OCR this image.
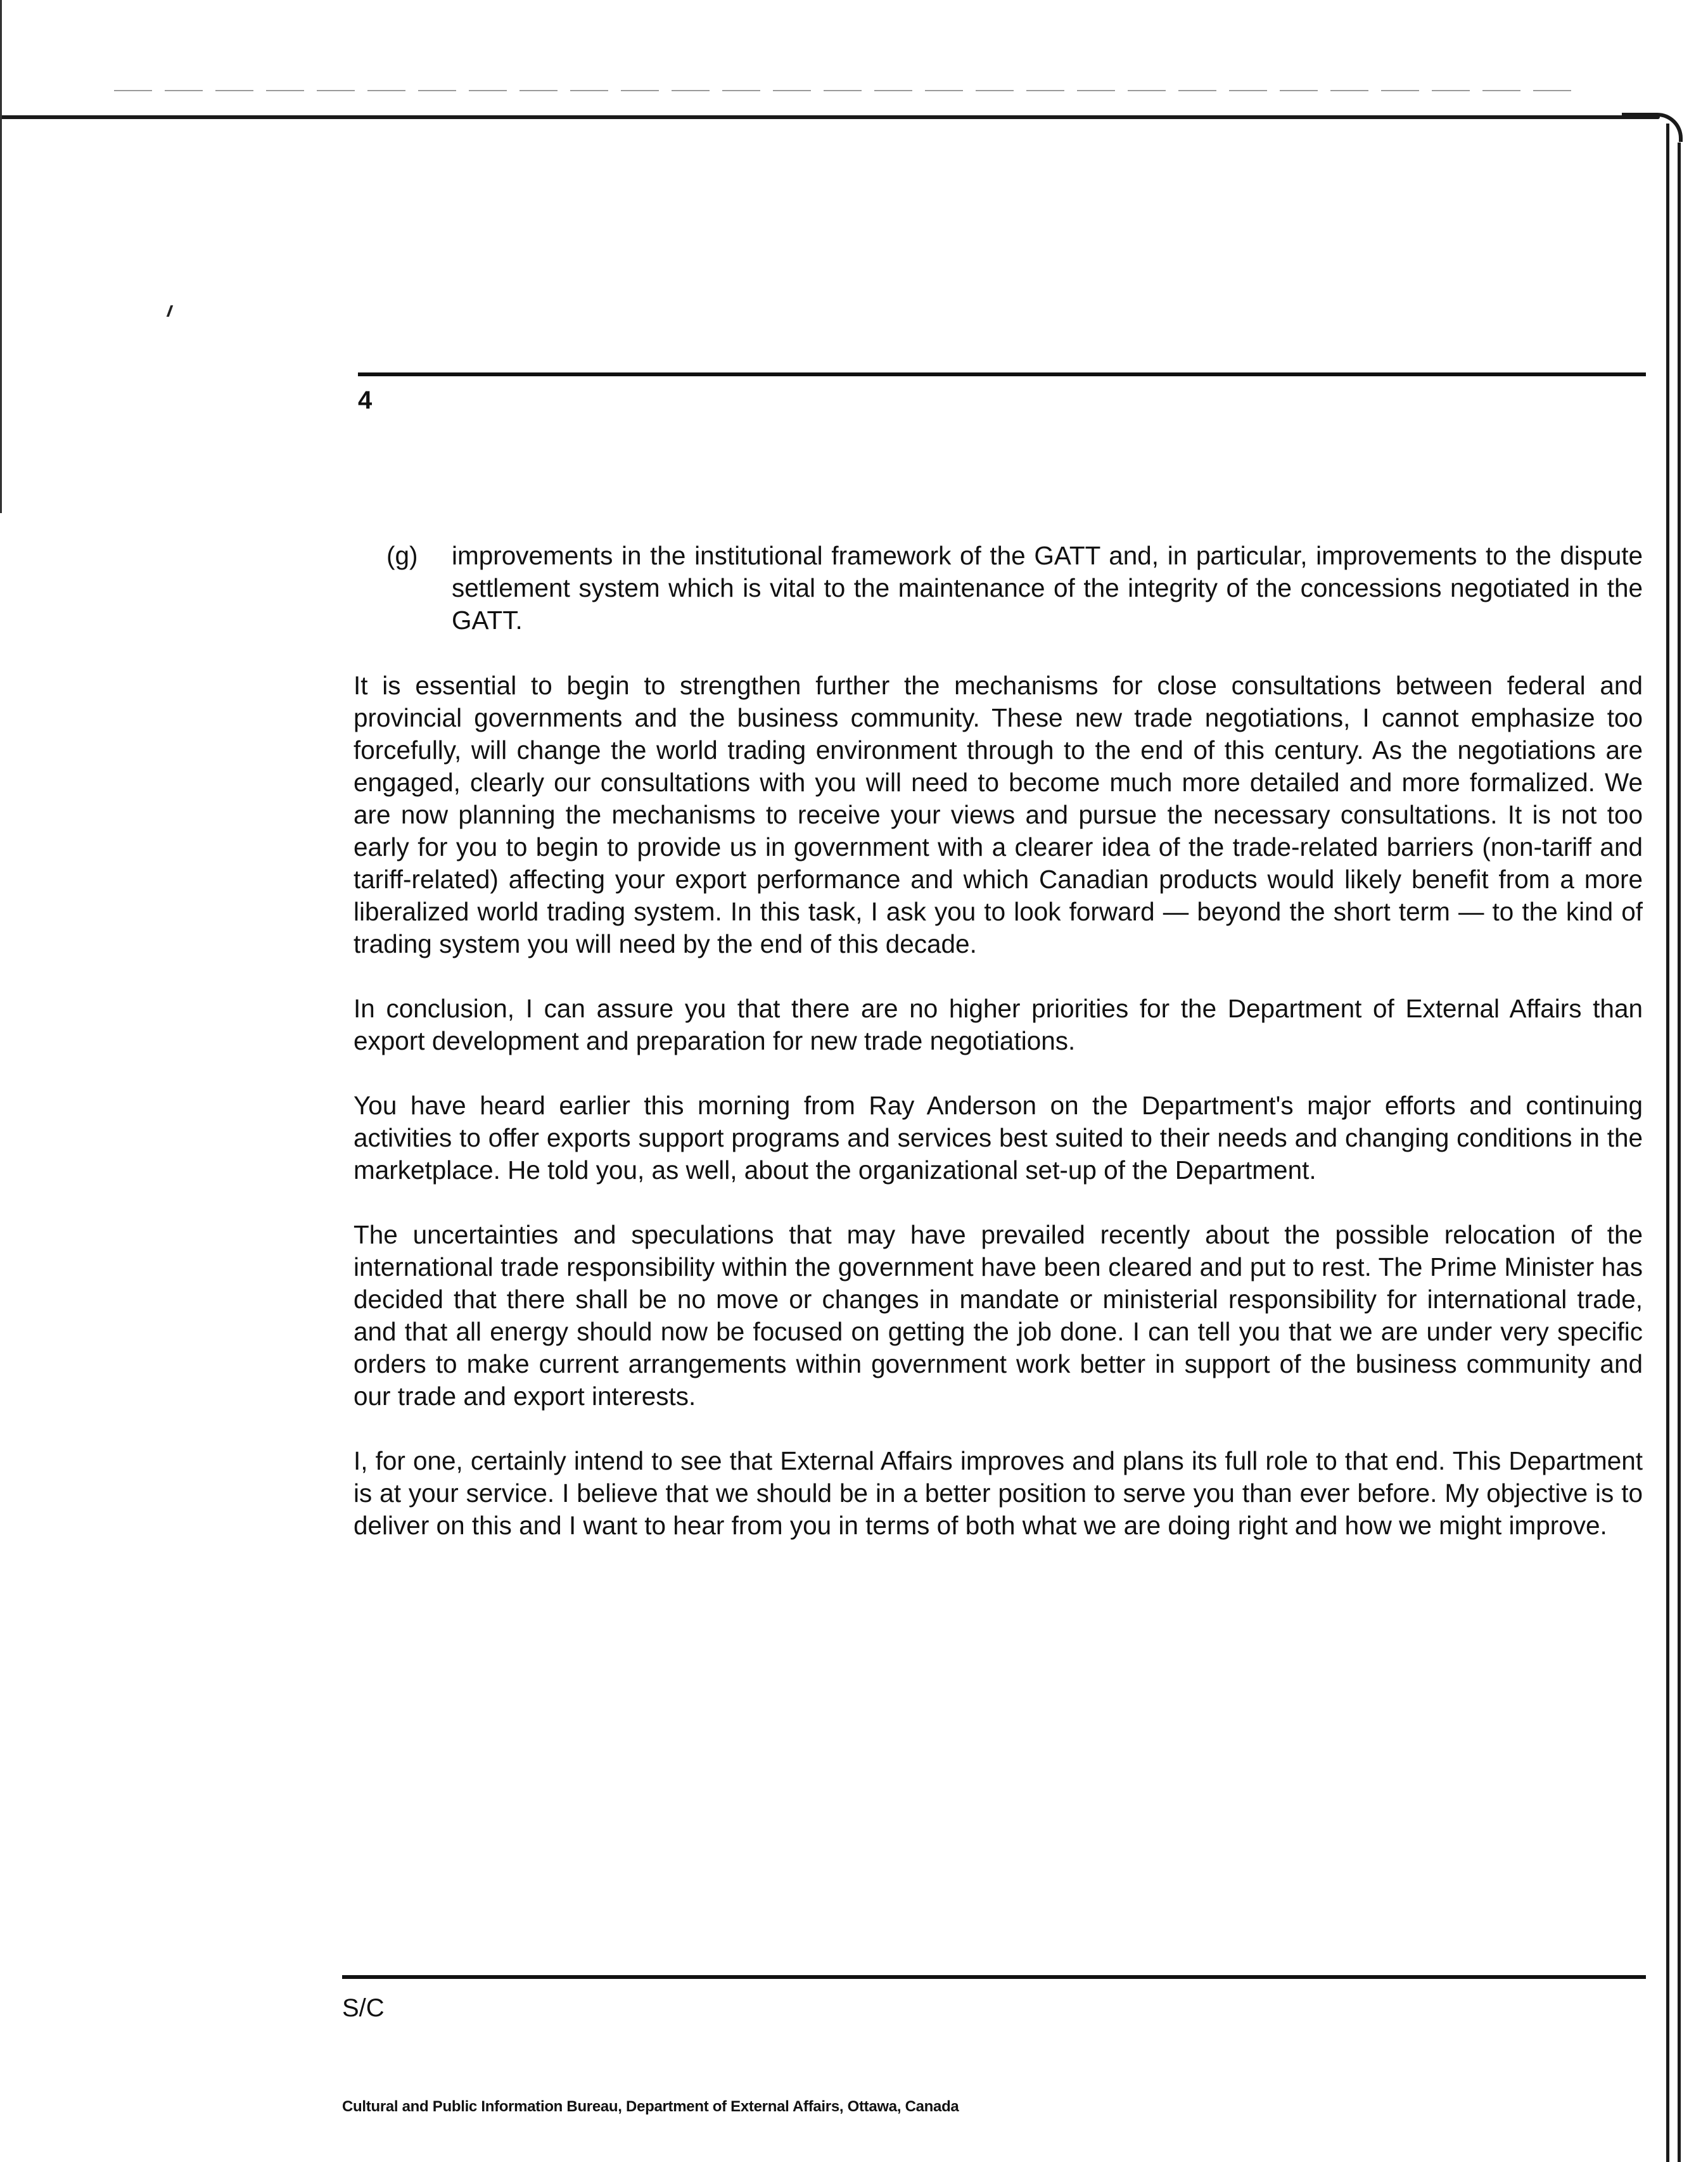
4
(g) improvements in the institutional framework of the GATT and, in particular, improvements to the dispute settlement system which is vital to the maintenance of the integrity of the concessions negotiated in the GATT.

It is essential to begin to strengthen further the mechanisms for close consultations between federal and provincial governments and the business community. These new trade negotiations, I cannot emphasize too forcefully, will change the world trading environment through to the end of this century. As the negotiations are engaged, clearly our consultations with you will need to become much more detailed and more formalized. We are now planning the mechanisms to receive your views and pursue the necessary consultations. It is not too early for you to begin to provide us in government with a clearer idea of the trade-related barriers (non-tariff and tariff-related) affecting your export performance and which Canadian products would likely benefit from a more liberalized world trading system. In this task, I ask you to look forward — beyond the short term — to the kind of trading system you will need by the end of this decade.

In conclusion, I can assure you that there are no higher priorities for the Department of External Affairs than export development and preparation for new trade negotiations.

You have heard earlier this morning from Ray Anderson on the Department's major efforts and continuing activities to offer exports support programs and services best suited to their needs and changing conditions in the marketplace. He told you, as well, about the organizational set-up of the Department.

The uncertainties and speculations that may have prevailed recently about the possible relocation of the international trade responsibility within the government have been cleared and put to rest. The Prime Minister has decided that there shall be no move or changes in mandate or ministerial responsibility for international trade, and that all energy should now be focused on getting the job done. I can tell you that we are under very specific orders to make current arrangements within government work better in support of the business community and our trade and export interests.

I, for one, certainly intend to see that External Affairs improves and plans its full role to that end. This Department is at your service. I believe that we should be in a better position to serve you than ever before. My objective is to deliver on this and I want to hear from you in terms of both what we are doing right and how we might improve.

S/C
Cultural and Public Information Bureau, Department of External Affairs, Ottawa, Canada
